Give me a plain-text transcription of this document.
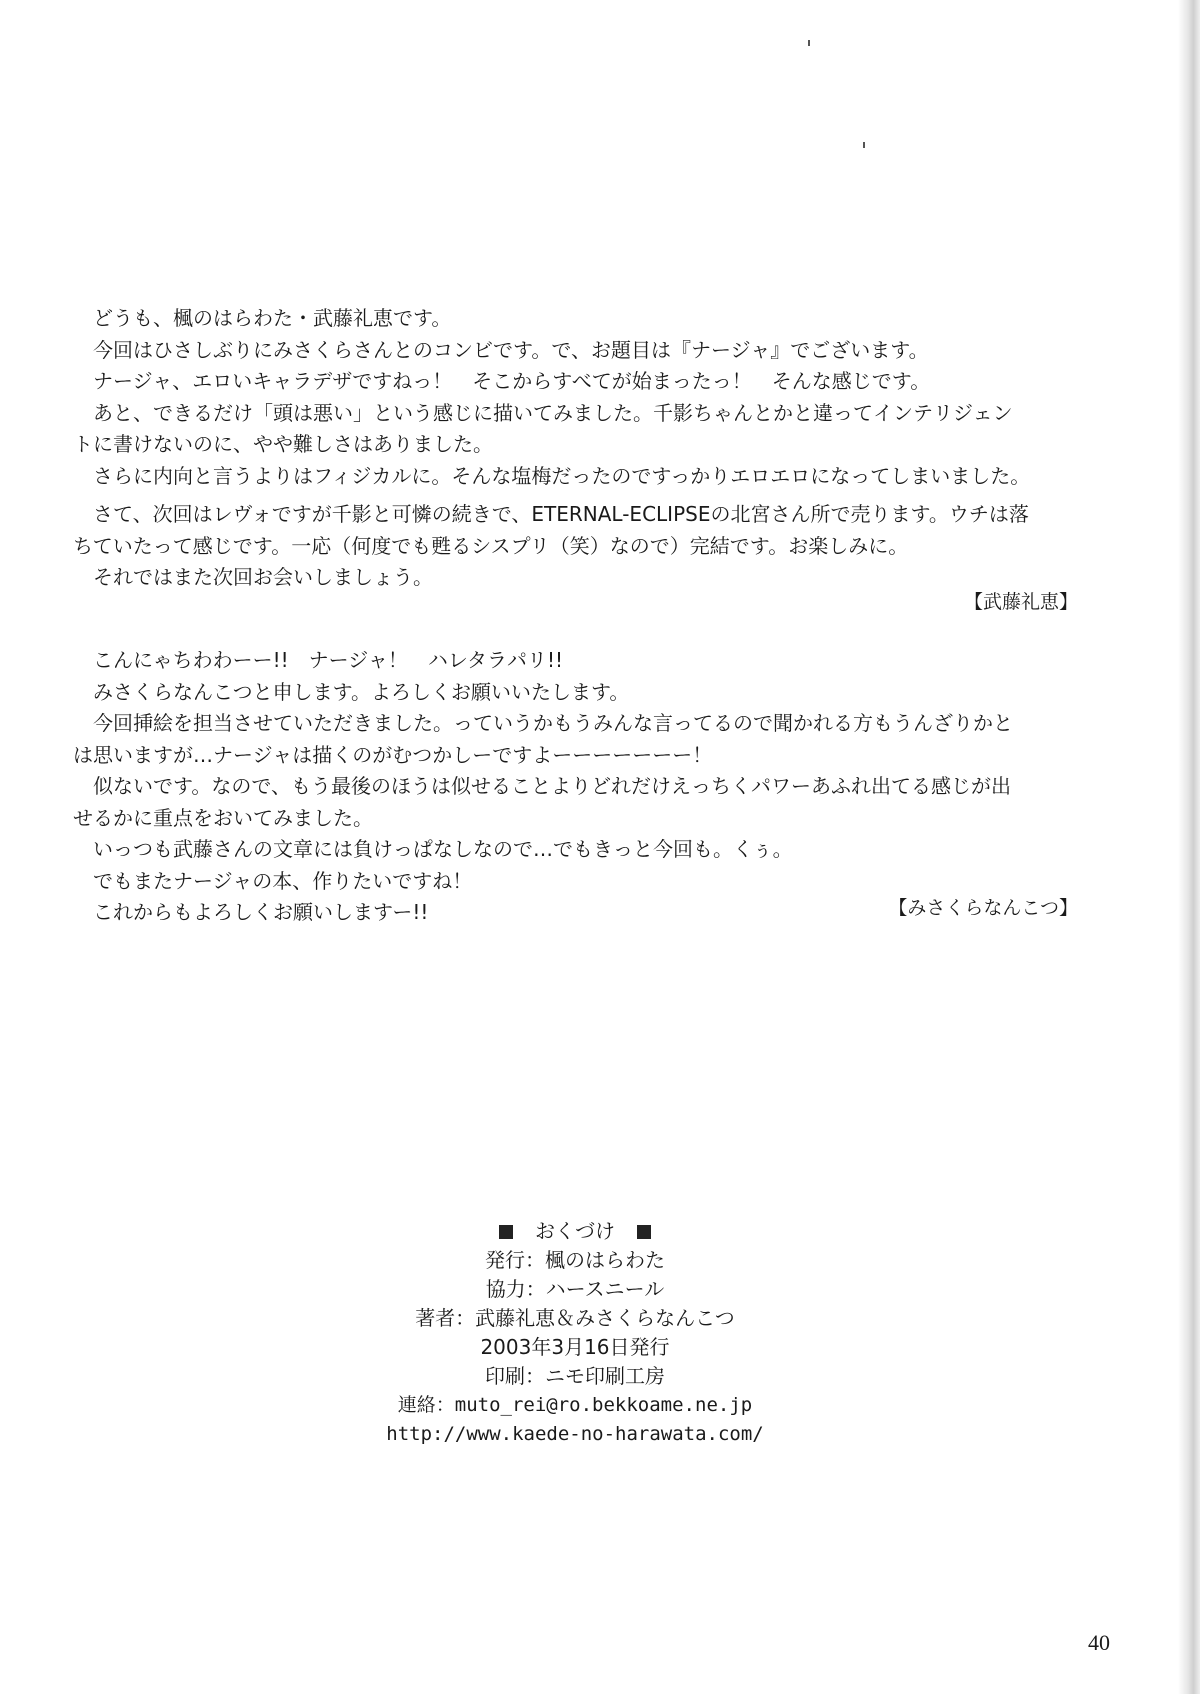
どうも、楓のはらわた・武藤礼恵です。
今回はひさしぶりにみさくらさんとのコンビです。で、お題目は『ナージャ』でございます。
ナージャ、エロいキャラデザですねっ！　そこからすべてが始まったっ！　そんな感じです。
あと、できるだけ「頭は悪い」という感じに描いてみました。千影ちゃんとかと違ってインテリジェン
トに書けないのに、やや難しさはありました。
さらに内向と言うよりはフィジカルに。そんな塩梅だったのですっかりエロエロになってしまいました。
さて、次回はレヴォですが千影と可憐の続きで、ETERNAL-ECLIPSEの北宮さん所で売ります。ウチは落
ちていたって感じです。一応（何度でも甦るシスプリ（笑）なので）完結です。お楽しみに。
それではまた次回お会いしましょう。
【武藤礼恵】
こんにゃちわわーー!!　ナージャ！　ハレタラパリ!!
みさくらなんこつと申します。よろしくお願いいたします。
今回挿絵を担当させていただきました。っていうかもうみんな言ってるので聞かれる方もうんざりかと
は思いますが…ナージャは描くのがむつかしーですよーーーーーーー！
似ないです。なので、もう最後のほうは似せることよりどれだけえっちくパワーあふれ出てる感じが出
せるかに重点をおいてみました。
いっつも武藤さんの文章には負けっぱなしなので…でもきっと今回も。くぅ。
でもまたナージャの本、作りたいですね！
これからもよろしくお願いしますー!!	【みさくらなんこつ】
おくづけ
発行：楓のはらわた
協力：ハースニール
著者：武藤礼恵＆みさくらなんこつ
2003年3月16日発行
印刷：ニモ印刷工房
連絡：muto_rei@ro.bekkoame.ne.jp
http://www.kaede-no-harawata.com/
40
